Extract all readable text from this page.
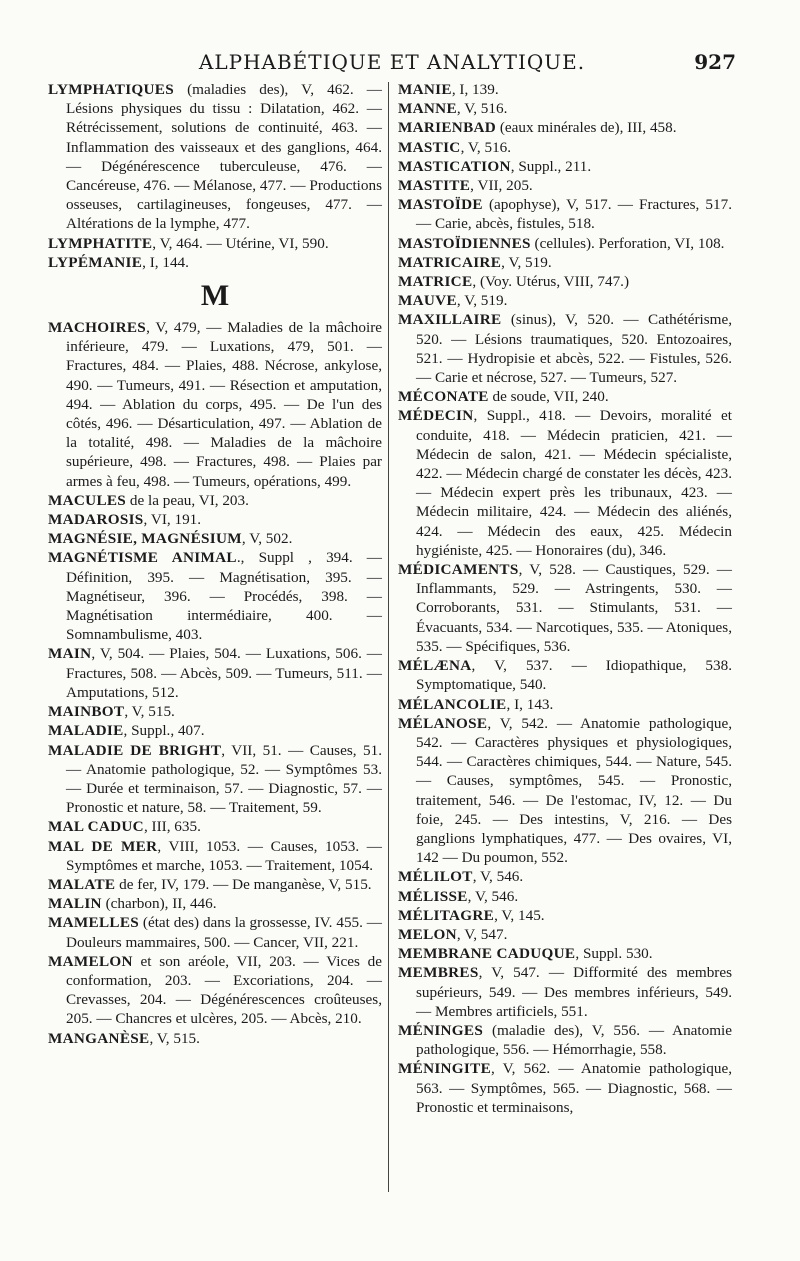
ALPHABÉTIQUE ET ANALYTIQUE.	927

LYMPHATIQUES (maladies des), V, 462. — Lésions physiques du tissu : Dilatation, 462. — Rétrécissement, solutions de continuité, 463. — Inflammation des vaisseaux et des ganglions, 464. — Dégénérescence tuberculeuse, 476. — Cancéreuse, 476. — Mélanose, 477. — Productions osseuses, cartilagineuses, fongeuses, 477. — Altérations de la lymphe, 477.

LYMPHATITE, V, 464. — Utérine, VI, 590.

LYPÉMANIE, I, 144.

M

MACHOIRES, V, 479, — Maladies de la mâchoire inférieure, 479. — Luxations, 479, 501. — Fractures, 484. — Plaies, 488. Nécrose, ankylose, 490. — Tumeurs, 491. — Résection et amputation, 494. — Ablation du corps, 495. — De l'un des côtés, 496. — Désarticulation, 497. — Ablation de la totalité, 498. — Maladies de la mâchoire supérieure, 498. — Fractures, 498. — Plaies par armes à feu, 498. — Tumeurs, opérations, 499.

MACULES de la peau, VI, 203.

MADAROSIS, VI, 191.

MAGNÉSIE, MAGNÉSIUM, V, 502.

MAGNÉTISME ANIMAL., Suppl , 394. — Définition, 395. — Magnétisation, 395. — Magnétiseur, 396. — Procédés, 398. — Magnétisation intermédiaire, 400. — Somnambulisme, 403.

MAIN, V, 504. — Plaies, 504. — Luxations, 506. — Fractures, 508. — Abcès, 509. — Tumeurs, 511. — Amputations, 512.

MAINBOT, V, 515.

MALADIE, Suppl., 407.

MALADIE DE BRIGHT, VII, 51. — Causes, 51. — Anatomie pathologique, 52. — Symptômes 53. — Durée et terminaison, 57. — Diagnostic, 57. — Pronostic et nature, 58. — Traitement, 59.

MAL CADUC, III, 635.

MAL DE MER, VIII, 1053. — Causes, 1053. — Symptômes et marche, 1053. — Traitement, 1054.

MALATE de fer, IV, 179. — De manganèse, V, 515.

MALIN (charbon), II, 446.

MAMELLES (état des) dans la grossesse, IV. 455. — Douleurs mammaires, 500. — Cancer, VII, 221.

MAMELON et son aréole, VII, 203. — Vices de conformation, 203. — Excoriations, 204. — Crevasses, 204. — Dégénérescences croûteuses, 205. — Chancres et ulcères, 205. — Abcès, 210.

MANGANÈSE, V, 515.

MANIE, I, 139.

MANNE, V, 516.

MARIENBAD (eaux minérales de), III, 458.

MASTIC, V, 516.

MASTICATION, Suppl., 211.

MASTITE, VII, 205.

MASTOÏDE (apophyse), V, 517. — Fractures, 517. — Carie, abcès, fistules, 518.

MASTOÏDIENNES (cellules). Perforation, VI, 108.

MATRICAIRE, V, 519.

MATRICE, (Voy. Utérus, VIII, 747.)

MAUVE, V, 519.

MAXILLAIRE (sinus), V, 520. — Cathétérisme, 520. — Lésions traumatiques, 520. Entozoaires, 521. — Hydropisie et abcès, 522. — Fistules, 526. — Carie et nécrose, 527. — Tumeurs, 527.

MÉCONATE de soude, VII, 240.

MÉDECIN, Suppl., 418. — Devoirs, moralité et conduite, 418. — Médecin praticien, 421. — Médecin de salon, 421. — Médecin spécialiste, 422. — Médecin chargé de constater les décès, 423. — Médecin expert près les tribunaux, 423. — Médecin militaire, 424. — Médecin des aliénés, 424. — Médecin des eaux, 425. Médecin hygiéniste, 425. — Honoraires (du), 346.

MÉDICAMENTS, V, 528. — Caustiques, 529. — Inflammants, 529. — Astringents, 530. — Corroborants, 531. — Stimulants, 531. — Évacuants, 534. — Narcotiques, 535. — Atoniques, 535. — Spécifiques, 536.

MÉLÆNA, V, 537. — Idiopathique, 538. Symptomatique, 540.

MÉLANCOLIE, I, 143.

MÉLANOSE, V, 542. — Anatomie pathologique, 542. — Caractères physiques et physiologiques, 544. — Caractères chimiques, 544. — Nature, 545. — Causes, symptômes, 545. — Pronostic, traitement, 546. — De l'estomac, IV, 12. — Du foie, 245. — Des intestins, V, 216. — Des ganglions lymphatiques, 477. — Des ovaires, VI, 142 — Du poumon, 552.

MÉLILOT, V, 546.

MÉLISSE, V, 546.

MÉLITAGRE, V, 145.

MELON, V, 547.

MEMBRANE CADUQUE, Suppl. 530.

MEMBRES, V, 547. — Difformité des membres supérieurs, 549. — Des membres inférieurs, 549. — Membres artificiels, 551.

MÉNINGES (maladie des), V, 556. — Anatomie pathologique, 556. — Hémorrhagie, 558.

MÉNINGITE, V, 562. — Anatomie pathologique, 563. — Symptômes, 565. — Diagnostic, 568. — Pronostic et terminaisons,
